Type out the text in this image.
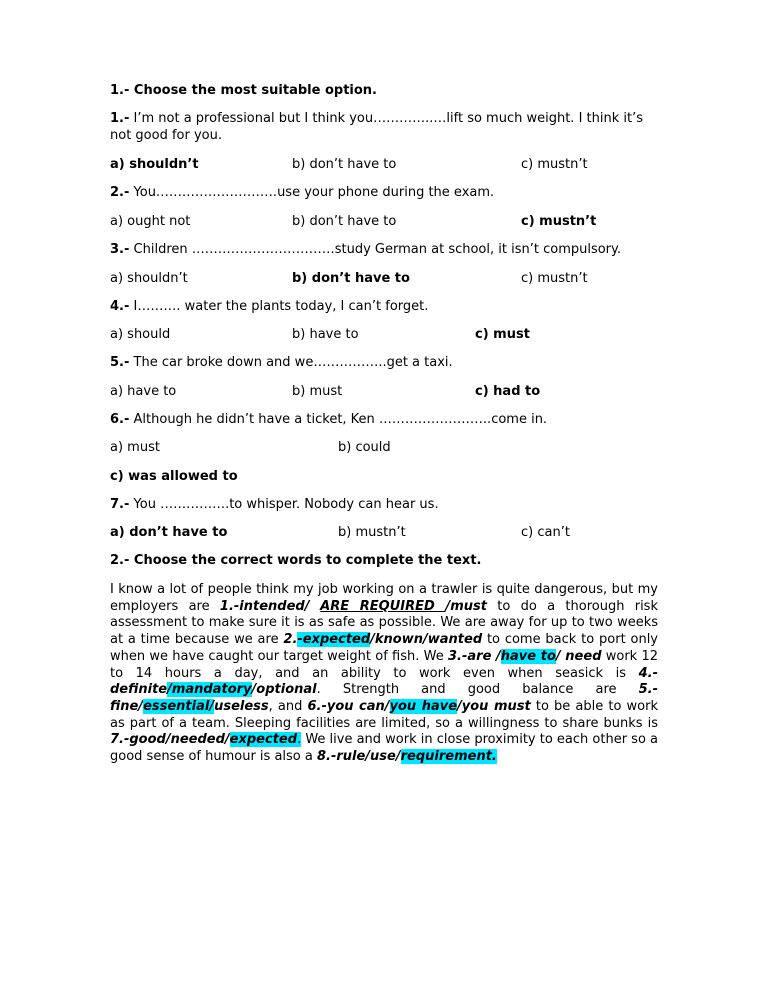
1.- Choose the most suitable option.
1.- I’m not a professional but I think you…………..…lift so much weight. I think it’s
not good for you.
a) shouldn’t	b) don’t have to	c) mustn’t
2.- You……………………….use your phone during the exam.
a) ought not	b) don’t have to	c) mustn’t
3.- Children ……………………………study German at school, it isn’t compulsory.
a) shouldn’t	b) don’t have to	c) mustn’t
4.- I………. water the plants today, I can’t forget.
a) should	b) have to	c) must
5.- The car broke down and we……………..get a taxi.
a) have to	b) must	c) had to
6.- Although he didn’t have a ticket, Ken ……………………..come in.
a) must	b) could
c) was allowed to
7.- You …………….to whisper. Nobody can hear us.
a) don’t have to	b) mustn’t	c) can’t
2.- Choose the correct words to complete the text.
I know a lot of people think my job working on a trawler is quite dangerous, but my employers are 1.-intended/ ARE REQUIRED /must to do a thorough risk assessment to make sure it is as safe as possible. We are away for up to two weeks at a time because we are 2.-expected/known/wanted to come back to port only when we have caught our target weight of fish. We 3.-are /have to/ need work 12 to 14 hours a day, and an ability to work even when seasick is 4.-definite/mandatory/optional. Strength and good balance are 5.-fine/essential/useless, and 6.-you can/you have/you must to be able to work as part of a team. Sleeping facilities are limited, so a willingness to share bunks is 7.-good/needed/expected. We live and work in close proximity to each other so a good sense of humour is also a 8.-rule/use/requirement.
